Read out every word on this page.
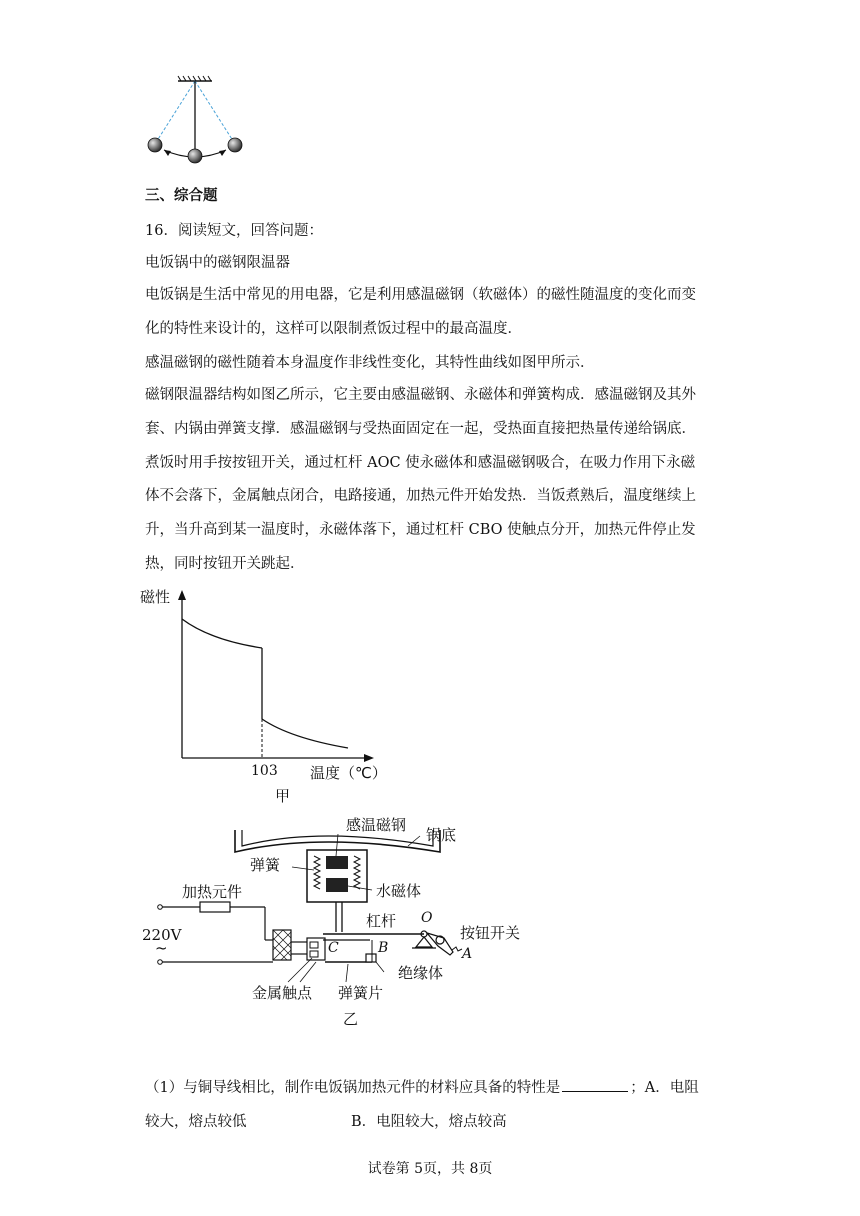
三、综合题
16．阅读短文，回答问题：
电饭锅中的磁钢限温器
电饭锅是生活中常见的用电器，它是利用感温磁钢（软磁体）的磁性随温度的变化而变
化的特性来设计的，这样可以限制煮饭过程中的最高温度．
感温磁钢的磁性随着本身温度作非线性变化，其特性曲线如图甲所示．
磁钢限温器结构如图乙所示，它主要由感温磁钢、永磁体和弹簧构成．感温磁钢及其外
套、内锅由弹簧支撑．感温磁钢与受热面固定在一起，受热面直接把热量传递给锅底．
煮饭时用手按按钮开关，通过杠杆 AOC 使永磁体和感温磁钢吸合，在吸力作用下永磁
体不会落下，金属触点闭合，电路接通，加热元件开始发热．当饭煮熟后，温度继续上
升，当升高到某一温度时，永磁体落下，通过杠杆 CBO 使触点分开，加热元件停止发
热，同时按钮开关跳起．
磁性
103 温度（℃）
甲
感温磁钢
锅底
弹簧
水磁体
加热元件
杠杆 O
按钮开关
220V
~	C	B	A
绝缘体
金属触点 弹簧片
乙
（1）与铜导线相比，制作电饭锅加热元件的材料应具备的特性是	；A．电阻
较大，熔点较低	B．电阻较大，熔点较高
试卷第 5页，共 8页
